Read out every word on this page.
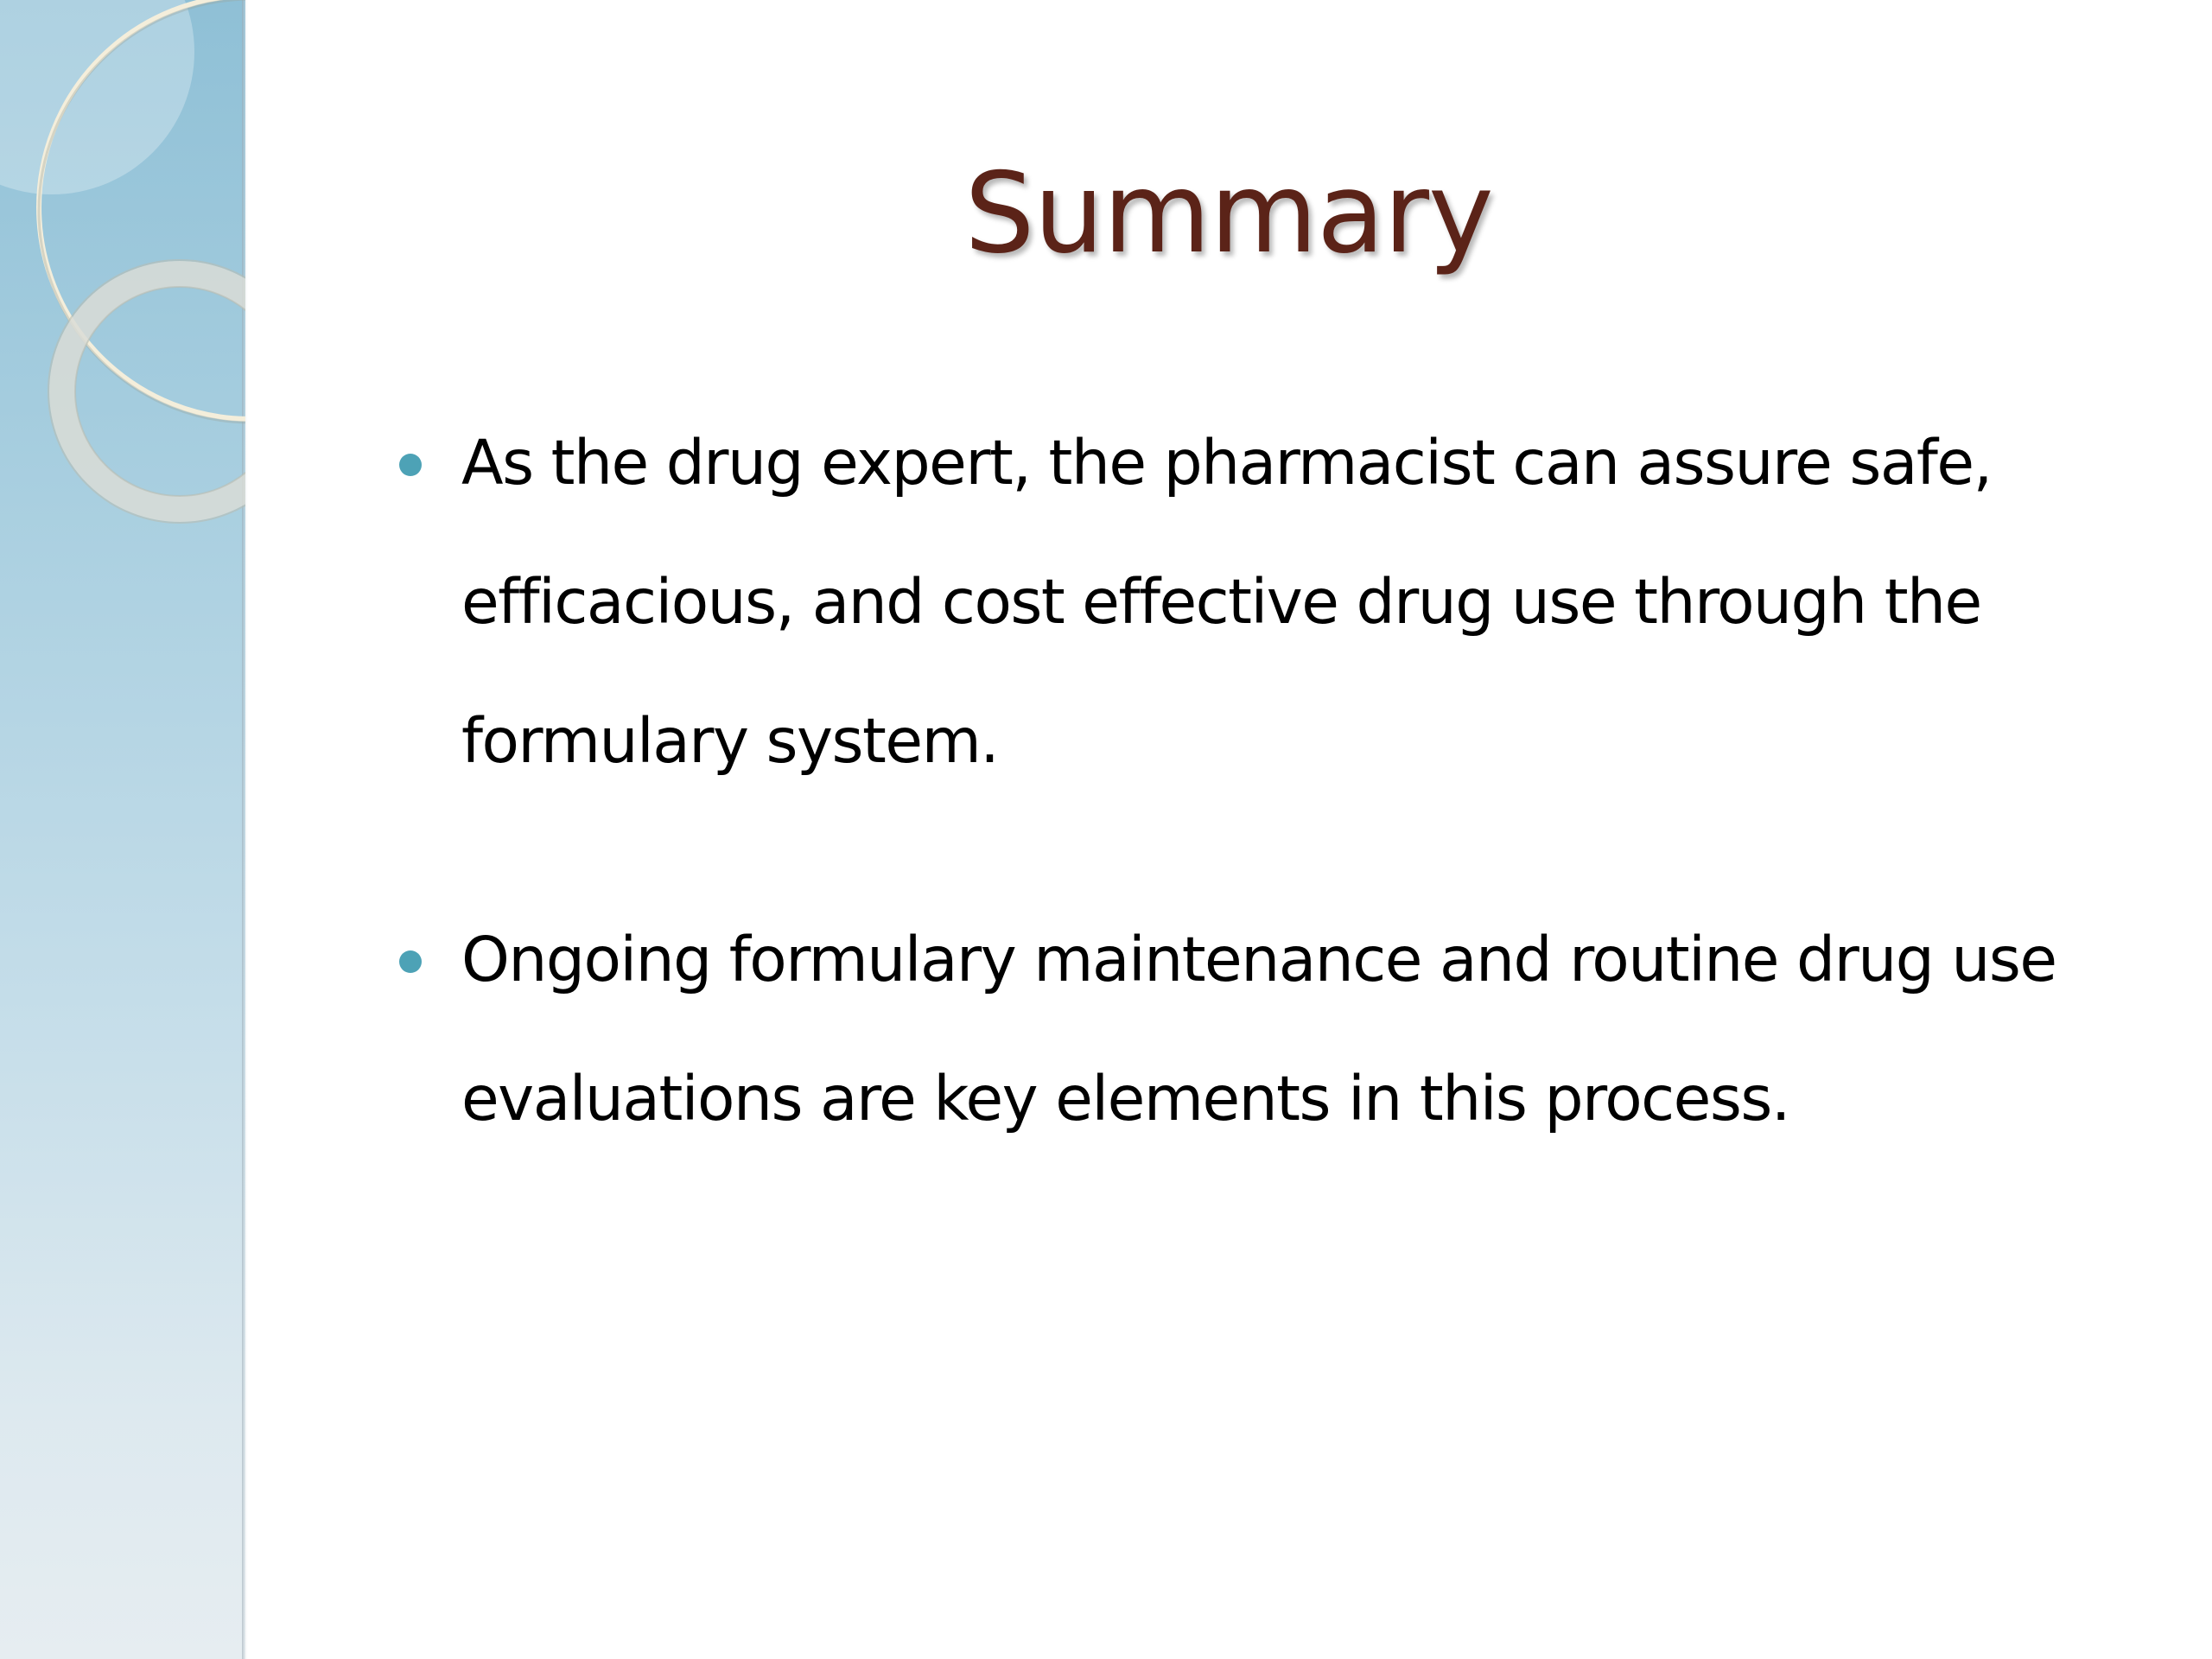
Summary
As the drug expert, the pharmacist can assure safe, efficacious, and cost effective drug use through the formulary system.
Ongoing formulary maintenance and routine drug use evaluations are key elements in this process.
